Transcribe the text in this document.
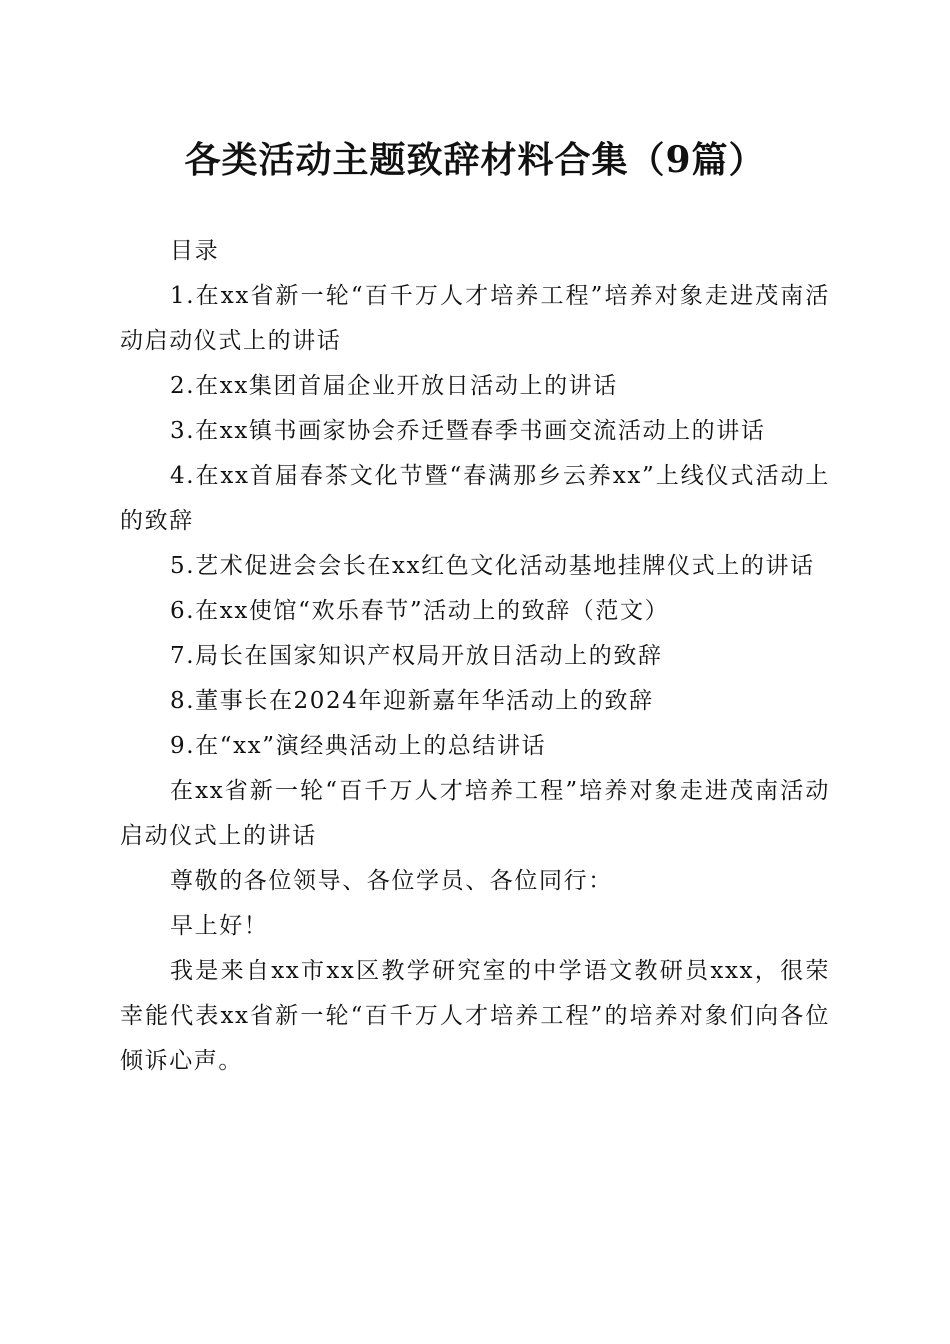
各类活动主题致辞材料合集（9篇）

目录

1.在xx省新一轮“百千万人才培养工程”培养对象走进茂南活动启动仪式上的讲话

2.在xx集团首届企业开放日活动上的讲话

3.在xx镇书画家协会乔迁暨春季书画交流活动上的讲话

4.在xx首届春茶文化节暨“春满那乡云养xx”上线仪式活动上的致辞

5.艺术促进会会长在xx红色文化活动基地挂牌仪式上的讲话

6.在xx使馆“欢乐春节”活动上的致辞（范文）

7.局长在国家知识产权局开放日活动上的致辞

8.董事长在2024年迎新嘉年华活动上的致辞

9.在“xx”演经典活动上的总结讲话

在xx省新一轮“百千万人才培养工程”培养对象走进茂南活动启动仪式上的讲话

尊敬的各位领导、各位学员、各位同行：

早上好！

我是来自xx市xx区教学研究室的中学语文教研员xxx，很荣幸能代表xx省新一轮“百千万人才培养工程”的培养对象们向各位倾诉心声。
